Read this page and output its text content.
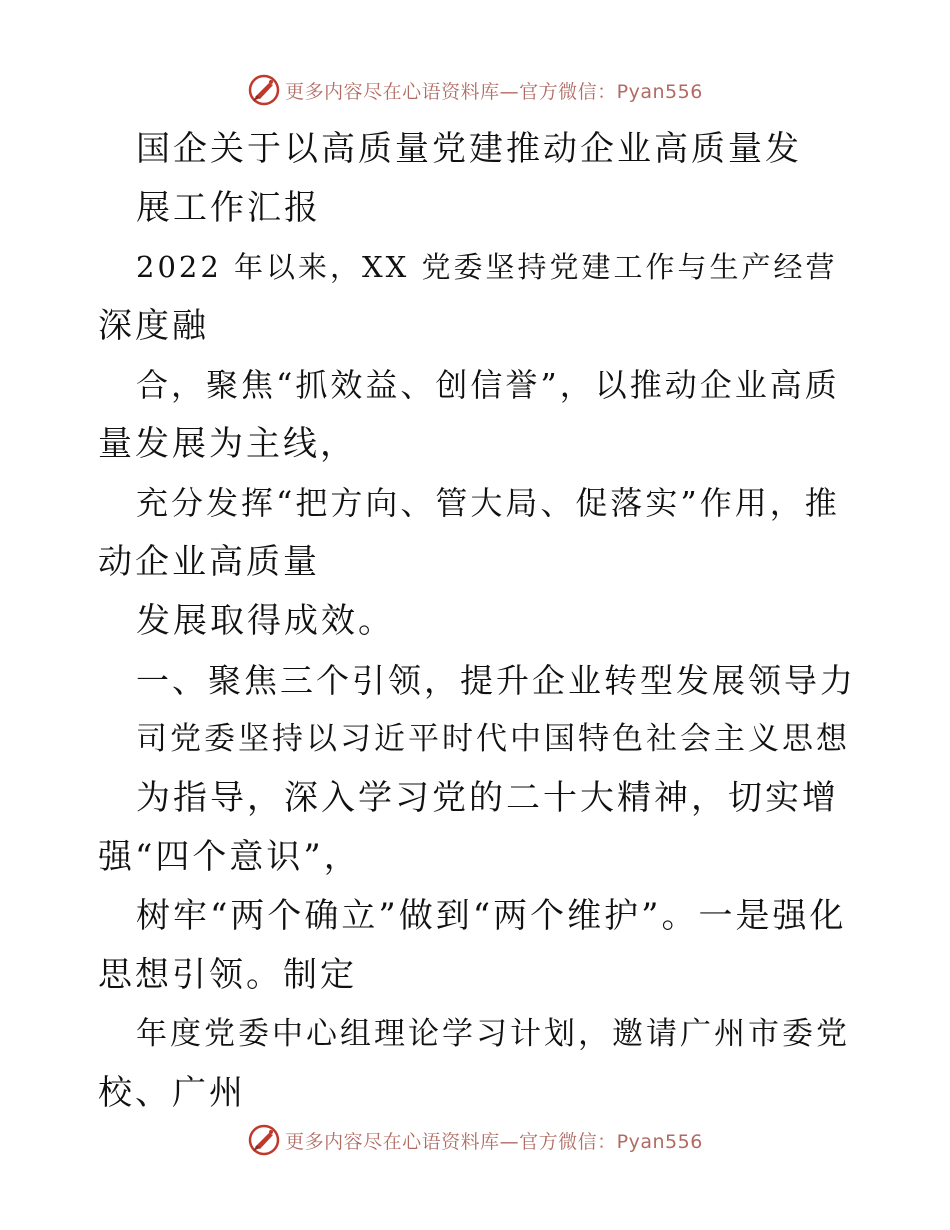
更多内容尽在心语资料库—官方微信：Pyan556
国企关于以高质量党建推动企业高质量发
展工作汇报
2022 年以来，XX 党委坚持党建工作与生产经营
深度融
合，聚焦“抓效益、创信誉”，以推动企业高质
量发展为主线，
充分发挥“把方向、管大局、促落实”作用，推
动企业高质量
发展取得成效。
一、聚焦三个引领，提升企业转型发展领导力
司党委坚持以习近平时代中国特色社会主义思想
为指导，深入学习党的二十大精神，切实增
强“四个意识”，
树牢“两个确立”做到“两个维护”。一是强化
思想引领。制定
年度党委中心组理论学习计划，邀请广州市委党
校、广州
更多内容尽在心语资料库—官方微信：Pyan556
